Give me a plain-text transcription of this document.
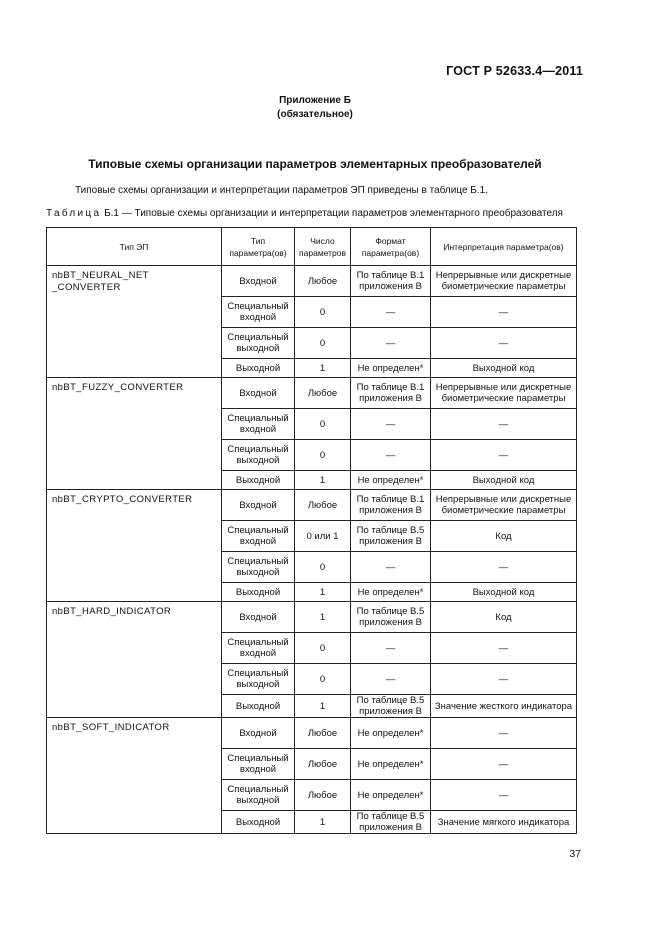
ГОСТ Р 52633.4—2011
Приложение Б
(обязательное)
Типовые схемы организации параметров элементарных преобразователей
Типовые схемы организации и интерпретации параметров ЭП приведены в таблице Б.1.
Таблица Б.1 — Типовые схемы организации и интерпретации параметров элементарного преобразователя
Тип ЭП	Тип параметра(ов)	Число параметров	Формат параметра(ов)	Интерпретация параметра(ов)
nbBT_NEURAL_NET _CONVERTER	Входной	Любое	По таблице В.1 приложения В	Непрерывные или дискретные биометрические параметры
	Специальный входной	0	—	—
	Специальный выходной	0	—	—
	Выходной	1	Не определен*	Выходной код
nbBT_FUZZY_CONVERTER	Входной	Любое	По таблице В.1 приложения В	Непрерывные или дискретные биометрические параметры
	Специальный входной	0	—	—
	Специальный выходной	0	—	—
	Выходной	1	Не определен*	Выходной код
nbBT_CRYPTO_CONVERTER	Входной	Любое	По таблице В.1 приложения В	Непрерывные или дискретные биометрические параметры
	Специальный входной	0 или 1	По таблице В.5 приложения В	Код
	Специальный выходной	0	—	—
	Выходной	1	Не определен*	Выходной код
nbBT_HARD_INDICATOR	Входной	1	По таблице В.5 приложения В	Код
	Специальный входной	0	—	—
	Специальный выходной	0	—	—
	Выходной	1	По таблице В.5 приложения В	Значение жесткого индикатора
nbBT_SOFT_INDICATOR	Входной	Любое	Не определен*	—
	Специальный входной	Любое	Не определен*	—
	Специальный выходной	Любое	Не определен*	—
	Выходной	1	По таблице В.5 приложения В	Значение мягкого индикатора
37
